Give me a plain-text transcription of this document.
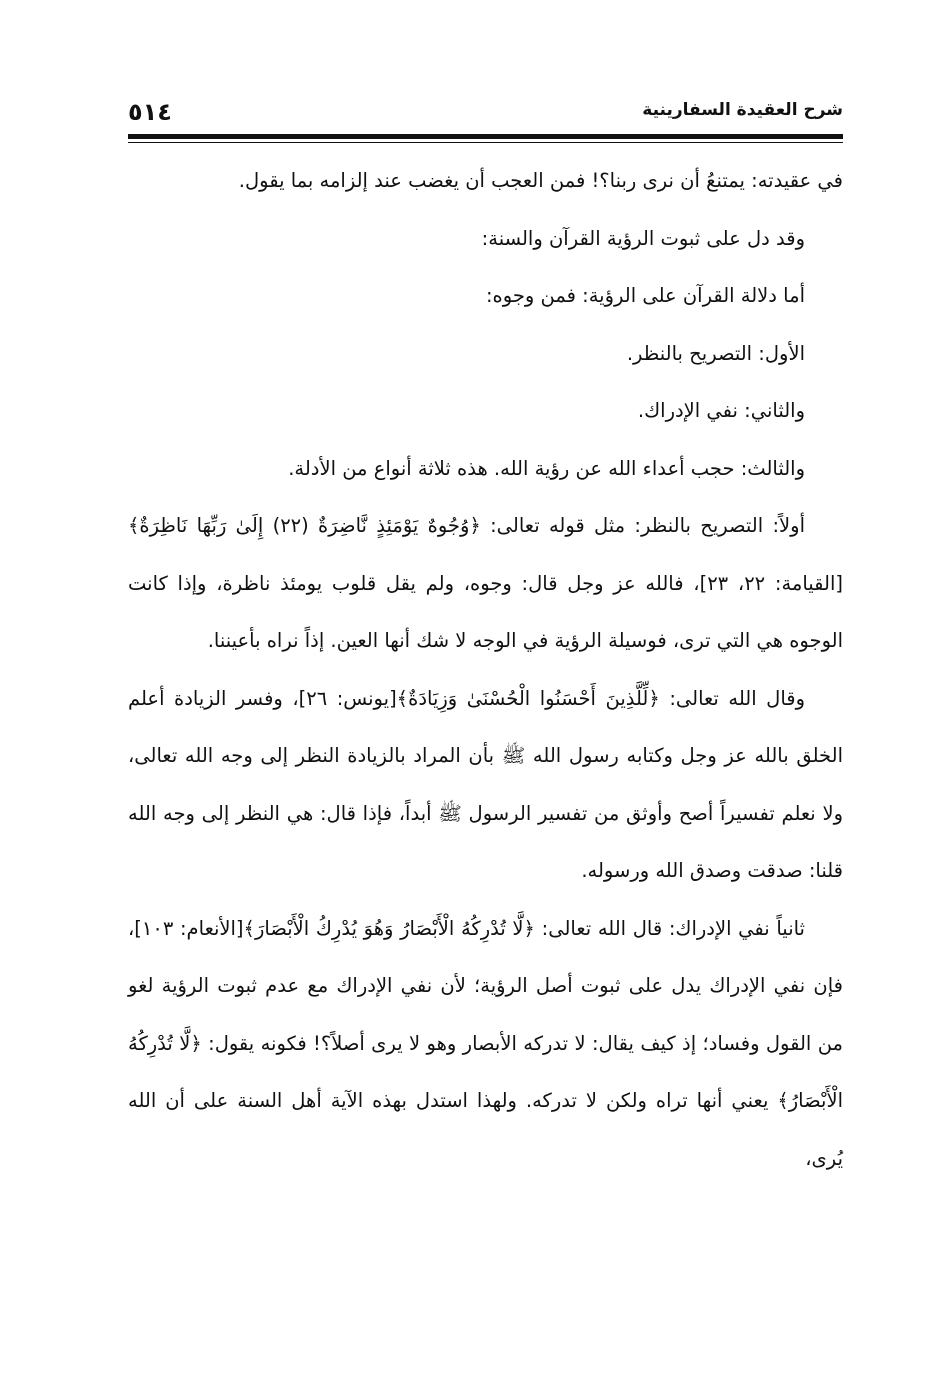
شرح العقيدة السفارينية
٥١٤

في عقيدته: يمتنعُ أن نرى ربنا؟! فمن العجب أن يغضب عند إلزامه بما يقول.

وقد دل على ثبوت الرؤية القرآن والسنة:

أما دلالة القرآن على الرؤية: فمن وجوه:

الأول: التصريح بالنظر.

والثاني: نفي الإدراك.

والثالث: حجب أعداء الله عن رؤية الله. هذه ثلاثة أنواع من الأدلة.

أولاً: التصريح بالنظر: مثل قوله تعالى: ﴿وُجُوهٌ يَوْمَئِذٍ نَّاضِرَةٌ (٢٢) إِلَىٰ رَبِّهَا نَاظِرَةٌ﴾[القيامة: ٢٢، ٢٣]، فالله عز وجل قال: وجوه، ولم يقل قلوب يومئذ ناظرة، وإذا كانت الوجوه هي التي ترى، فوسيلة الرؤية في الوجه لا شك أنها العين. إذاً نراه بأعيننا.

وقال الله تعالى: ﴿لِّلَّذِينَ أَحْسَنُوا الْحُسْنَىٰ وَزِيَادَةٌ﴾[يونس: ٢٦]، وفسر الزيادة أعلم الخلق بالله عز وجل وكتابه رسول الله ﷺ بأن المراد بالزيادة النظر إلى وجه الله تعالى، ولا نعلم تفسيراً أصح وأوثق من تفسير الرسول ﷺ أبداً، فإذا قال: هي النظر إلى وجه الله قلنا: صدقت وصدق الله ورسوله.

ثانياً نفي الإدراك: قال الله تعالى: ﴿لَّا تُدْرِكُهُ الْأَبْصَارُ وَهُوَ يُدْرِكُ الْأَبْصَارَ﴾[الأنعام: ١٠٣]، فإن نفي الإدراك يدل على ثبوت أصل الرؤية؛ لأن نفي الإدراك مع عدم ثبوت الرؤية لغو من القول وفساد؛ إذ كيف يقال: لا تدركه الأبصار وهو لا يرى أصلاً؟! فكونه يقول: ﴿لَّا تُدْرِكُهُ الْأَبْصَارُ﴾ يعني أنها تراه ولكن لا تدركه. ولهذا استدل بهذه الآية أهل السنة على أن الله يُرى،
